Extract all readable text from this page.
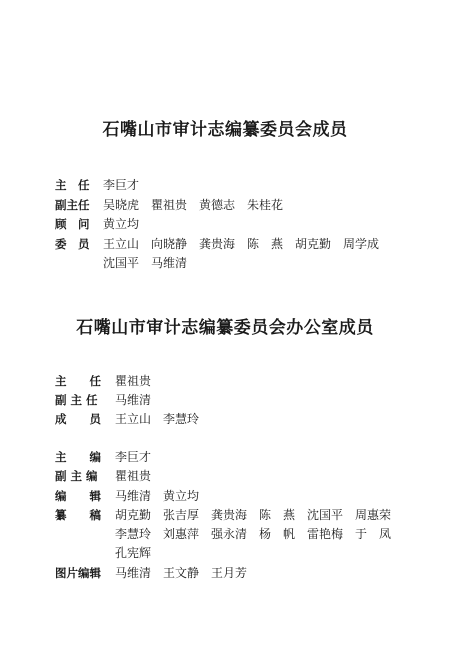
石嘴山市审计志编纂委员会成员
主　任 李巨才
副主任 吴晓虎　瞿祖贵　黄德志　朱桂花
顾　问 黄立均
委　员 王立山　向晓静　龚贵海　陈　燕　胡克勤　周学成
沈国平　马维清
石嘴山市审计志编纂委员会办公室成员
主　　任 瞿祖贵
副 主 任 马维清
成　　员 王立山　李慧玲
主　　编 李巨才
副 主 编 瞿祖贵
编　　辑 马维清　黄立均
纂　　稿 胡克勤　张吉厚　龚贵海　陈　燕　沈国平　周惠荣
李慧玲　刘惠萍　强永清　杨　帆　雷艳梅　于　凤
孔宪辉
图片编辑 马维清　王文静　王月芳
